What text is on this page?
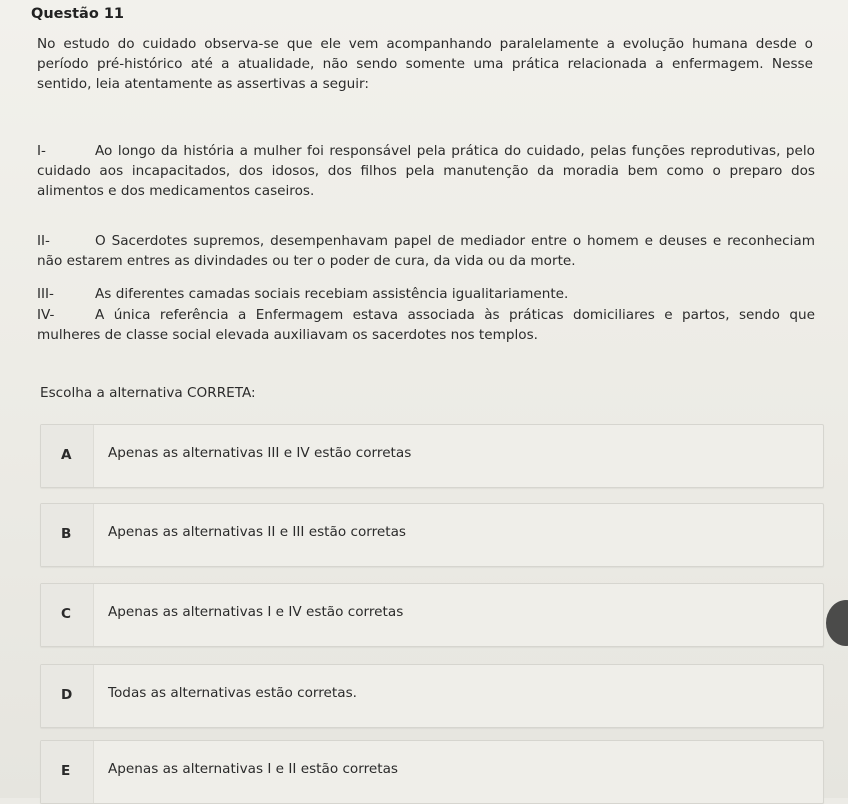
Questão 11
No estudo do cuidado observa-se que ele vem acompanhando paralelamente a evolução humana desde o período pré-histórico até a atualidade, não sendo somente uma prática relacionada a enfermagem. Nesse sentido, leia atentamente as assertivas a seguir:
I-	Ao longo da história a mulher foi responsável pela prática do cuidado, pelas funções reprodutivas, pelo cuidado aos incapacitados, dos idosos, dos filhos pela manutenção da moradia bem como o preparo dos alimentos e dos medicamentos caseiros.
II-	O Sacerdotes supremos, desempenhavam papel de mediador entre o homem e deuses e reconheciam não estarem entres as divindades ou ter o poder de cura, da vida ou da morte.
III-	As diferentes camadas sociais recebiam assistência igualitariamente.
IV-	A única referência a Enfermagem estava associada às práticas domiciliares e partos, sendo que mulheres de classe social elevada auxiliavam os sacerdotes nos templos.
Escolha a alternativa CORRETA:
A	Apenas as alternativas III e IV estão corretas
B	Apenas as alternativas II e III estão corretas
C	Apenas as alternativas I e IV estão corretas
D	Todas as alternativas estão corretas.
E	Apenas as alternativas I e II estão corretas
